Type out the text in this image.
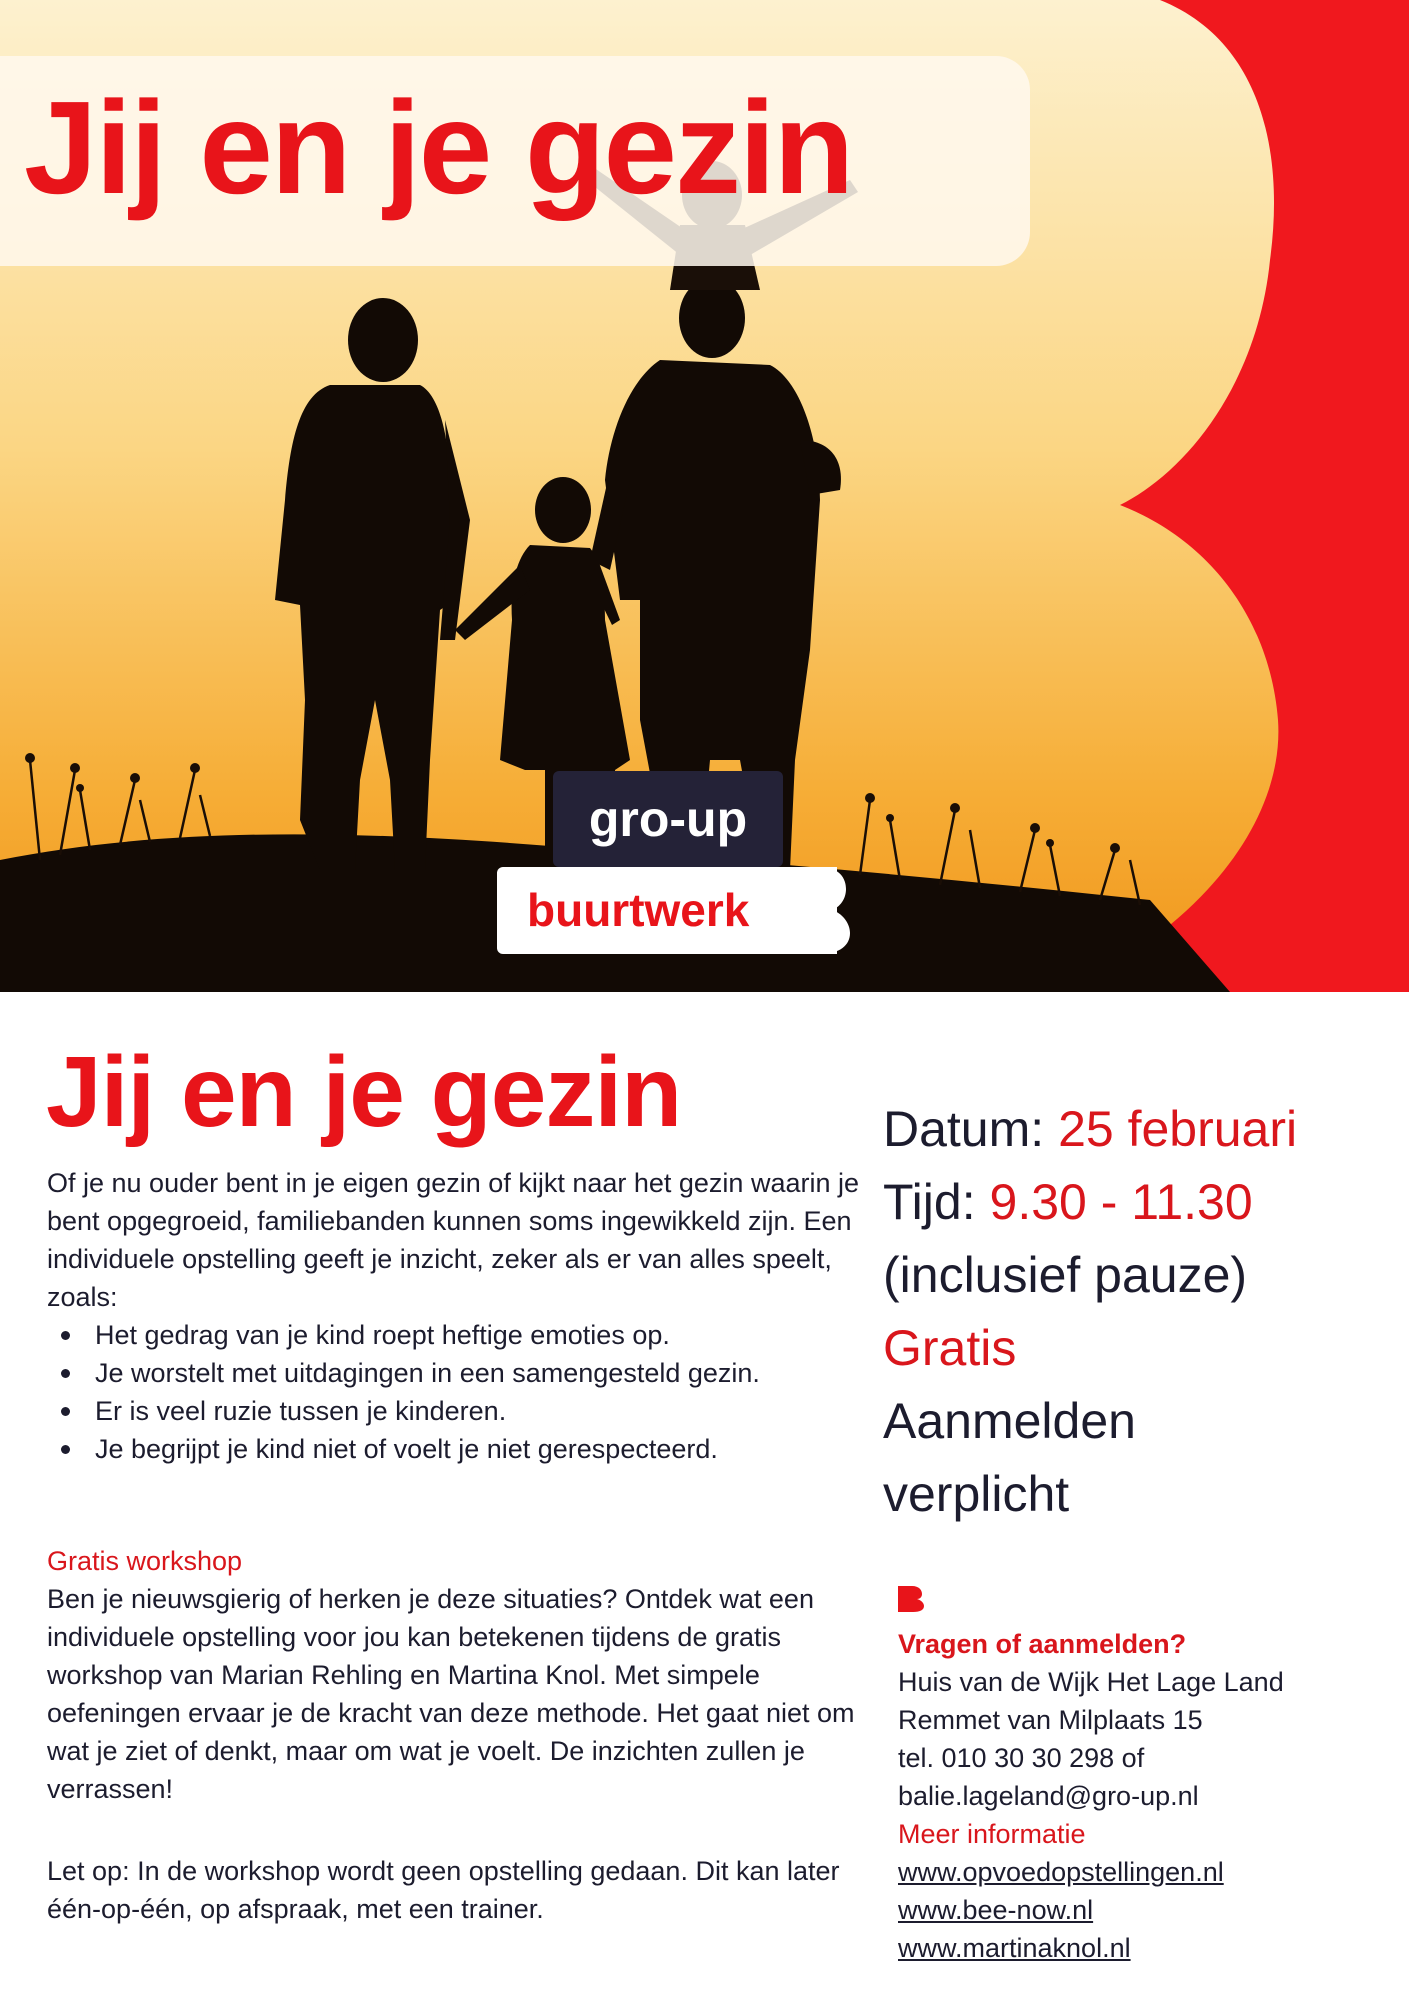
Jij en je gezin
gro-up
buurtwerk
Jij en je gezin

Of je nu ouder bent in je eigen gezin of kijkt naar het gezin waarin je bent opgegroeid, familiebanden kunnen soms ingewikkeld zijn. Een individuele opstelling geeft je inzicht, zeker als er van alles speelt, zoals:

Het gedrag van je kind roept heftige emoties op.
Je worstelt met uitdagingen in een samengesteld gezin.
Er is veel ruzie tussen je kinderen.
Je begrijpt je kind niet of voelt je niet gerespecteerd.
Gratis workshop

Ben je nieuwsgierig of herken je deze situaties? Ontdek wat een individuele opstelling voor jou kan betekenen tijdens de gratis workshop van Marian Rehling en Martina Knol. Met simpele oefeningen ervaar je de kracht van deze methode. Het gaat niet om wat je ziet of denkt, maar om wat je voelt. De inzichten zullen je verrassen!

Let op: In de workshop wordt geen opstelling gedaan. Dit kan later één-op-één, op afspraak, met een trainer.

Datum: 25 februari
Tijd: 9.30 - 11.30
(inclusief pauze)
Gratis
Aanmelden
verplicht
Vragen of aanmelden?
Huis van de Wijk Het Lage Land
Remmet van Milplaats 15
tel. 010 30 30 298 of
balie.lageland@gro-up.nl
Meer informatie
www.opvoedopstellingen.nl
www.bee-now.nl
www.martinaknol.nl
